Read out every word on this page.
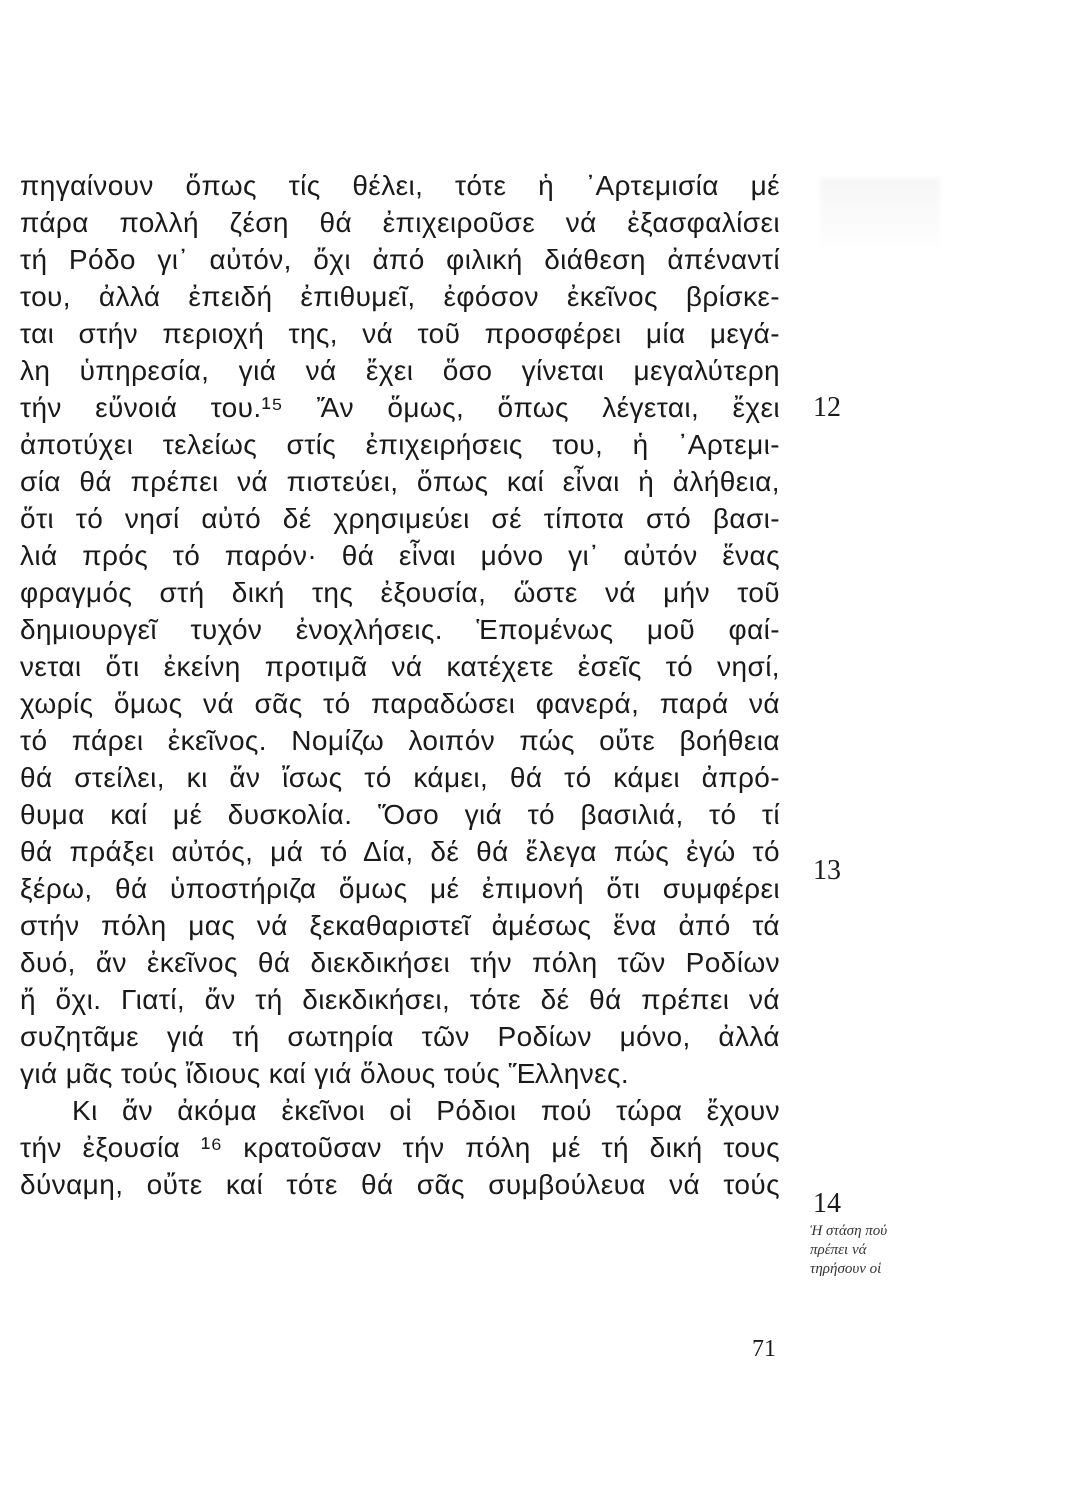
πηγαίνουν ὅπως τίς θέλει, τότε ἡ ᾿Αρτεμισία μέ
πάρα πολλή ζέση θά ἐπιχειροῦσε νά ἐξασφαλίσει
τή Ρόδο γι᾿ αὐτόν, ὄχι ἀπό φιλική διάθεση ἀπέναντί
του, ἀλλά ἐπειδή ἐπιθυμεῖ, ἐφόσον ἐκεῖνος βρίσκε-
ται στήν περιοχή της, νά τοῦ προσφέρει μία μεγά-
λη ὑπηρεσία, γιά νά ἔχει ὅσο γίνεται μεγαλύτερη
τήν εὔνοιά του.¹⁵ Ἄν ὅμως, ὅπως λέγεται, ἔχει
ἀποτύχει τελείως στίς ἐπιχειρήσεις του, ἡ ᾿Αρτεμι-
σία θά πρέπει νά πιστεύει, ὅπως καί εἶναι ἡ ἀλήθεια,
ὅτι τό νησί αὐτό δέ χρησιμεύει σέ τίποτα στό βασι-
λιά πρός τό παρόν· θά εἶναι μόνο γι᾿ αὐτόν ἕνας
φραγμός στή δική της ἐξουσία, ὥστε νά μήν τοῦ
δημιουργεῖ τυχόν ἐνοχλήσεις. Ἑπομένως μοῦ φαί-
νεται ὅτι ἐκείνη προτιμᾶ νά κατέχετε ἐσεῖς τό νησί,
χωρίς ὅμως νά σᾶς τό παραδώσει φανερά, παρά νά
τό πάρει ἐκεῖνος. Νομίζω λοιπόν πώς οὔτε βοήθεια
θά στείλει, κι ἄν ἴσως τό κάμει, θά τό κάμει ἀπρό-
θυμα καί μέ δυσκολία. Ὅσο γιά τό βασιλιά, τό τί
θά πράξει αὐτός, μά τό Δία, δέ θά ἔλεγα πώς ἐγώ τό
ξέρω, θά ὑποστήριζα ὅμως μέ ἐπιμονή ὅτι συμφέρει
στήν πόλη μας νά ξεκαθαριστεῖ ἀμέσως ἕνα ἀπό τά
δυό, ἄν ἐκεῖνος θά διεκδικήσει τήν πόλη τῶν Ροδίων
ἤ ὄχι. Γιατί, ἄν τή διεκδικήσει, τότε δέ θά πρέπει νά
συζητᾶμε γιά τή σωτηρία τῶν Ροδίων μόνο, ἀλλά
γιά μᾶς τούς ἴδιους καί γιά ὅλους τούς Ἕλληνες.
Κι ἄν ἀκόμα ἐκεῖνοι οἱ Ρόδιοι πού τώρα ἔχουν
τήν ἐξουσία ¹⁶ κρατοῦσαν τήν πόλη μέ τή δική τους
δύναμη, οὔτε καί τότε θά σᾶς συμβούλευα νά τούς
12
13
14
Ἡ στάση πού
πρέπει νά
τηρήσουν οἱ
71
